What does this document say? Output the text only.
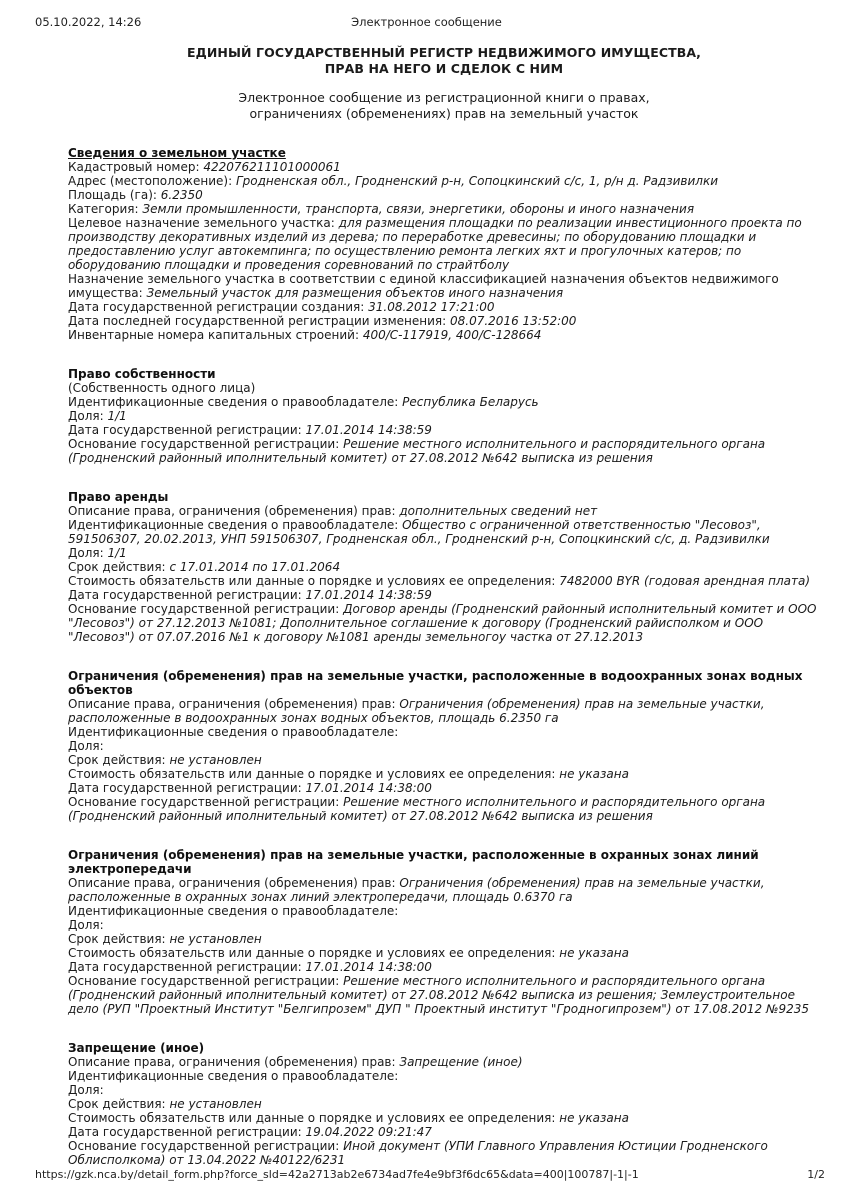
05.10.2022, 14:26	Электронное сообщение
ЕДИНЫЙ ГОСУДАРСТВЕННЫЙ РЕГИСТР НЕДВИЖИМОГО ИМУЩЕСТВА,
ПРАВ НА НЕГО И СДЕЛОК С НИМ
Электронное сообщение из регистрационной книги о правах,
ограничениях (обременениях) прав на земельный участок
Сведения о земельном участке

Кадастровый номер: 422076211101000061

Адрес (местоположение): Гродненская обл., Гродненский р-н, Сопоцкинский с/с, 1, р/н д. Радзивилки

Площадь (га): 6.2350

Категория: Земли промышленности, транспорта, связи, энергетики, обороны и иного назначения

Целевое назначение земельного участка: для размещения площадки по реализации инвестиционного проекта по производству декоративных изделий из дерева; по переработке древесины; по оборудованию площадки и предоставлению услуг автокемпинга; по осуществлению ремонта легких яхт и прогулочных катеров; по оборудованию площадки и проведения соревнований по страйтболу

Назначение земельного участка в соответствии с единой классификацией назначения объектов недвижимого имущества: Земельный участок для размещения объектов иного назначения

Дата государственной регистрации создания: 31.08.2012 17:21:00

Дата последней государственной регистрации изменения: 08.07.2016 13:52:00

Инвентарные номера капитальных строений: 400/С-117919, 400/С-128664

Право собственности

(Собственность одного лица)

Идентификационные сведения о правообладателе: Республика Беларусь

Доля: 1/1

Дата государственной регистрации: 17.01.2014 14:38:59

Основание государственной регистрации: Решение местного исполнительного и распорядительного органа (Гродненский районный иполнительный комитет) от 27.08.2012 №642 выписка из решения

Право аренды

Описание права, ограничения (обременения) прав: дополнительных сведений нет

Идентификационные сведения о правообладателе: Общество с ограниченной ответственностью "Лесовоз", 591506307, 20.02.2013, УНП 591506307, Гродненская обл., Гродненский р-н, Сопоцкинский с/с, д. Радзивилки

Доля: 1/1

Срок действия: с 17.01.2014 по 17.01.2064

Стоимость обязательств или данные о порядке и условиях ее определения: 7482000 BYR (годовая арендная плата)

Дата государственной регистрации: 17.01.2014 14:38:59

Основание государственной регистрации: Договор аренды (Гродненский районный исполнительный комитет и ООО "Лесовоз") от 27.12.2013 №1081; Дополнительное соглашение к договору (Гродненский райисполком и ООО "Лесовоз") от 07.07.2016 №1 к договору №1081 аренды земельногоу частка от 27.12.2013

Ограничения (обременения) прав на земельные участки, расположенные в водоохранных зонах водных объектов

Описание права, ограничения (обременения) прав: Ограничения (обременения) прав на земельные участки, расположенные в водоохранных зонах водных объектов, площадь 6.2350 га

Идентификационные сведения о правообладателе:

Доля:

Срок действия: не установлен

Стоимость обязательств или данные о порядке и условиях ее определения: не указана

Дата государственной регистрации: 17.01.2014 14:38:00

Основание государственной регистрации: Решение местного исполнительного и распорядительного органа (Гродненский районный иполнительный комитет) от 27.08.2012 №642 выписка из решения

Ограничения (обременения) прав на земельные участки, расположенные в охранных зонах линий электропередачи

Описание права, ограничения (обременения) прав: Ограничения (обременения) прав на земельные участки, расположенные в охранных зонах линий электропередачи, площадь 0.6370 га

Идентификационные сведения о правообладателе:

Доля:

Срок действия: не установлен

Стоимость обязательств или данные о порядке и условиях ее определения: не указана

Дата государственной регистрации: 17.01.2014 14:38:00

Основание государственной регистрации: Решение местного исполнительного и распорядительного органа (Гродненский районный иполнительный комитет) от 27.08.2012 №642 выписка из решения; Землеустроительное дело (РУП "Проектный Институт "Белгипрозем" ДУП " Проектный институт "Гродногипрозем") от 17.08.2012 №9235

Запрещение (иное)

Описание права, ограничения (обременения) прав: Запрещение (иное)

Идентификационные сведения о правообладателе:

Доля:

Срок действия: не установлен

Стоимость обязательств или данные о порядке и условиях ее определения: не указана

Дата государственной регистрации: 19.04.2022 09:21:47

Основание государственной регистрации: Иной документ (УПИ Главного Управления Юстиции Гродненского Облисполкома) от 13.04.2022 №40122/6231

https://gzk.nca.by/detail_form.php?force_sld=42a2713ab2e6734ad7fe4e9bf3f6dc65&data=400|100787|-1|-1	1/2
